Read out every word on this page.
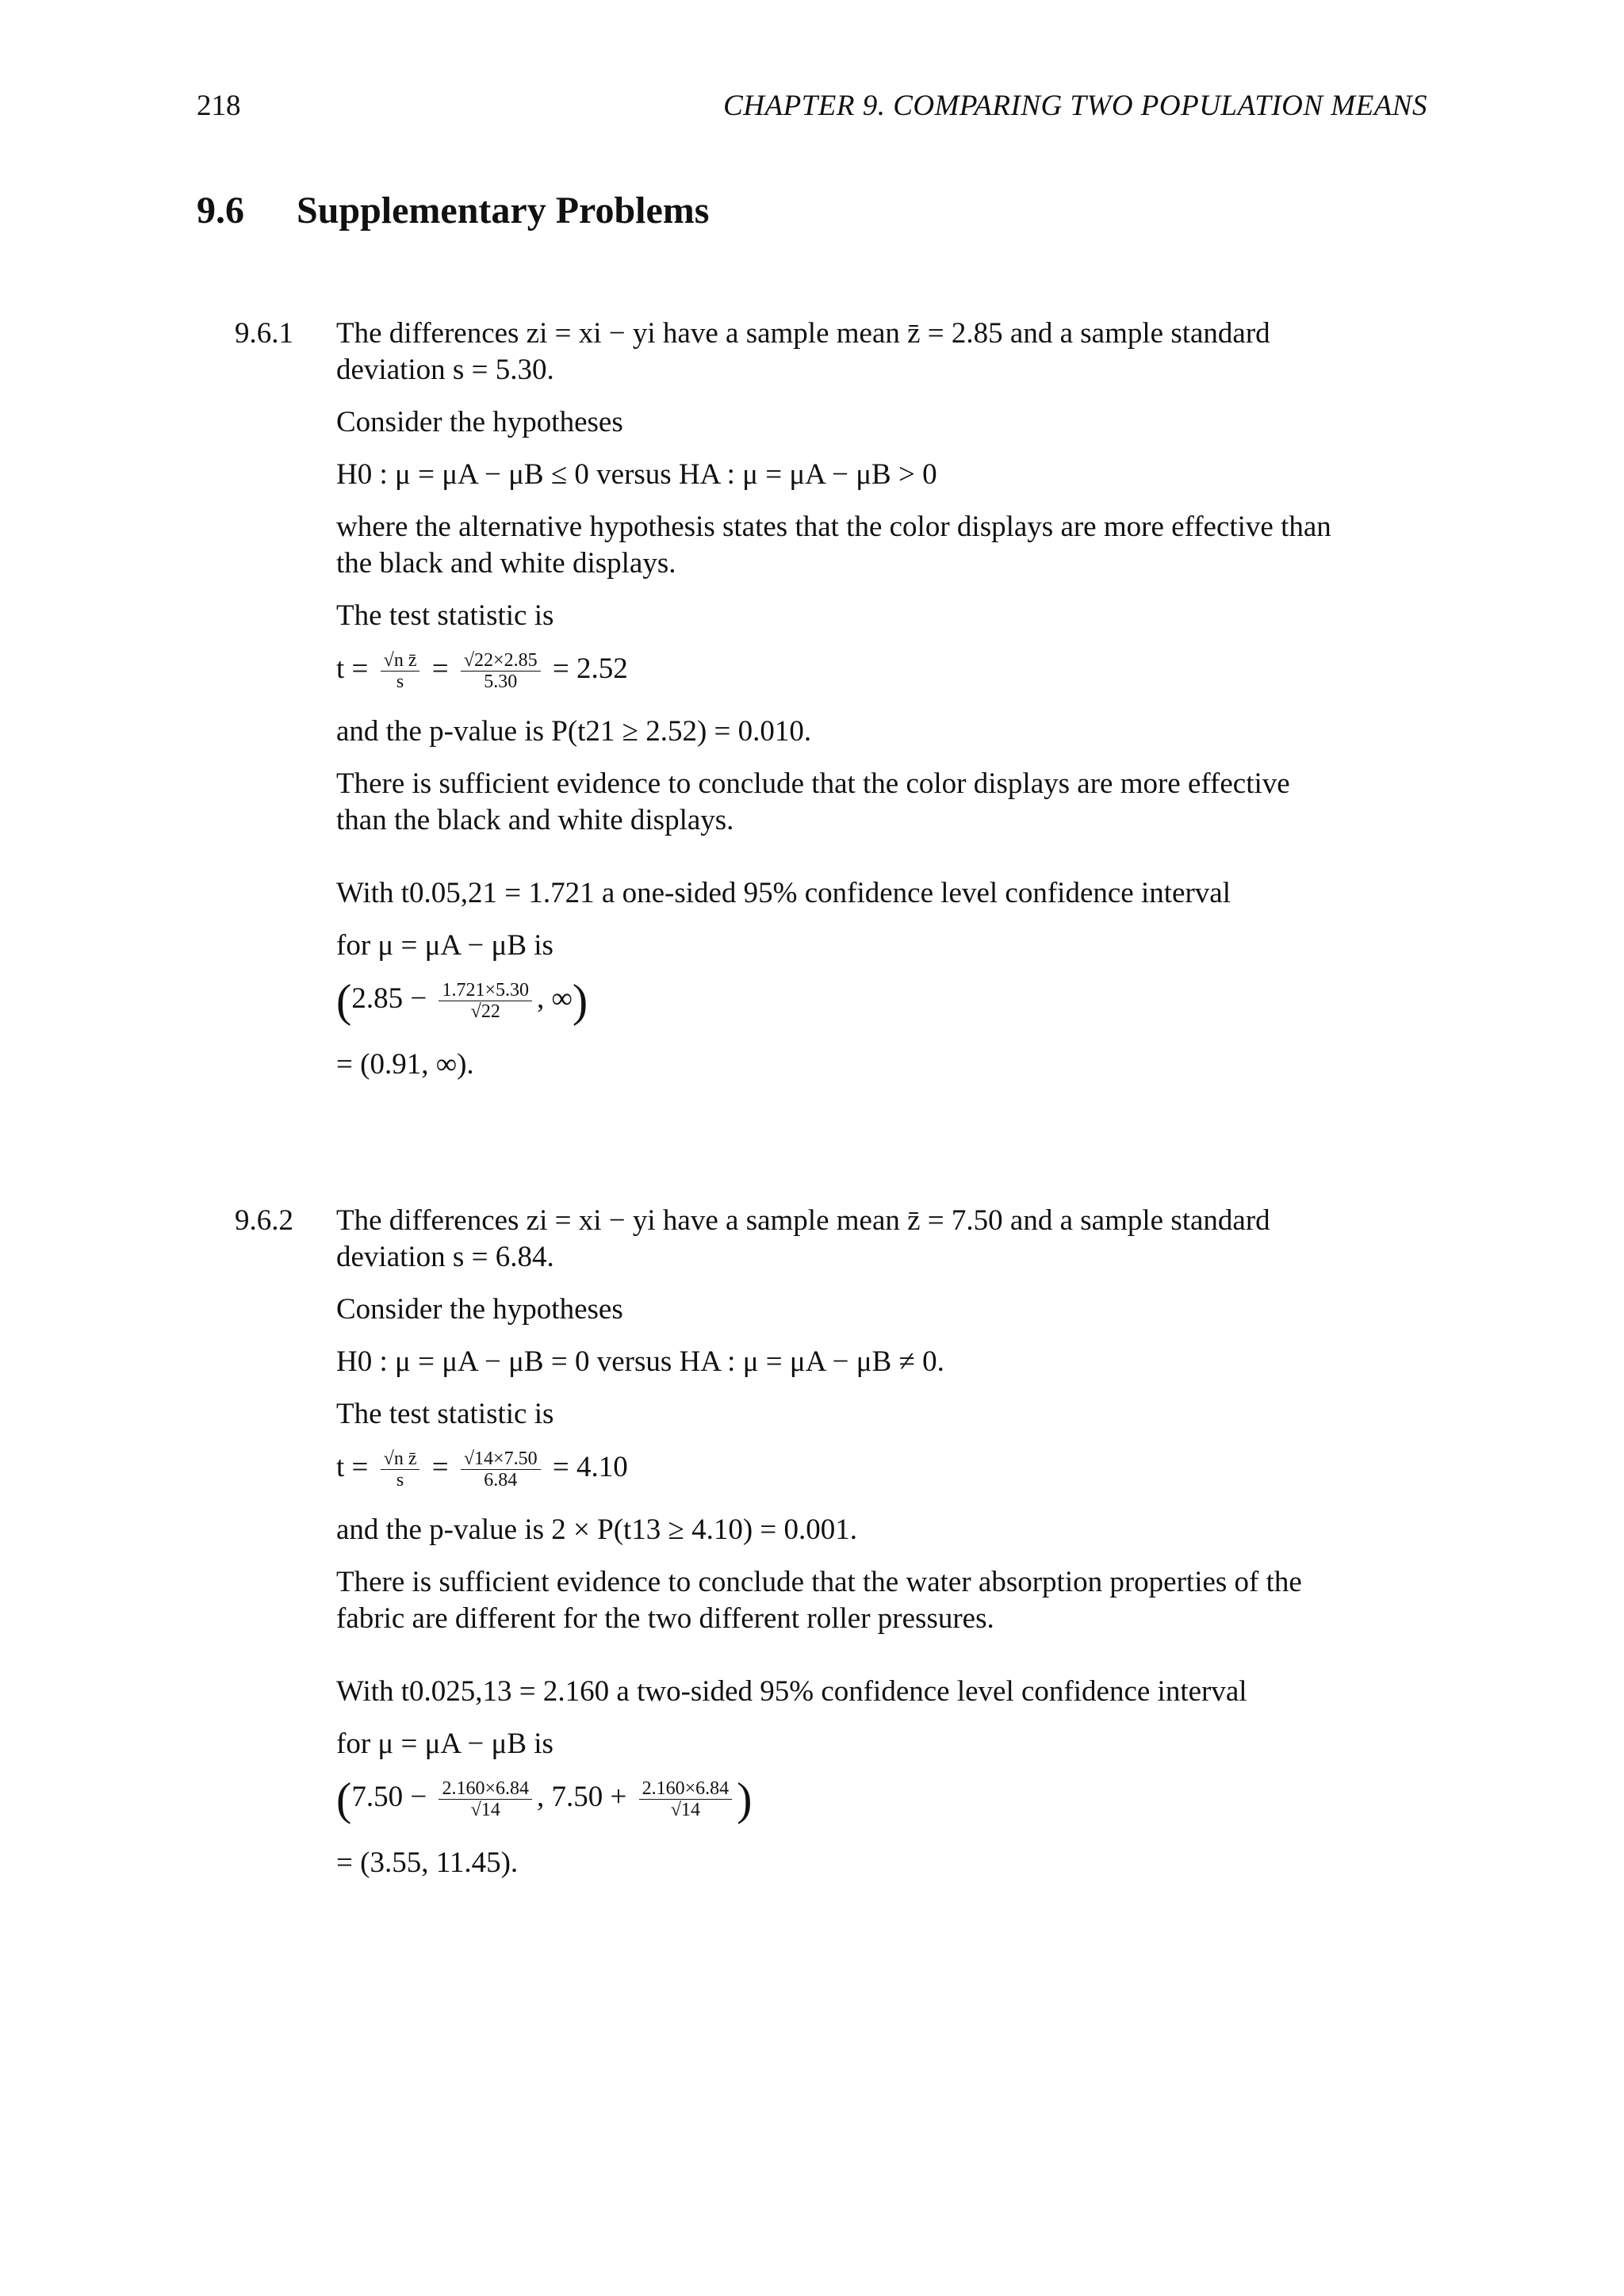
218	CHAPTER 9. COMPARING TWO POPULATION MEANS
9.6 Supplementary Problems
9.6.1	The differences zi = xi − yi have a sample mean z̄ = 2.85 and a sample standard
deviation s = 5.30.
Consider the hypotheses
H0 : μ = μA − μB ≤ 0 versus HA : μ = μA − μB > 0
where the alternative hypothesis states that the color displays are more effective than
the black and white displays.
The test statistic is
$t = \frac{\text{√n z̄}}{s} = \frac{√22\times 2.85}{5.30} = 2.52$
and the p-value is P(t21 ≥ 2.52) = 0.010.
There is sufficient evidence to conclude that the color displays are more effective
than the black and white displays.
With t0.05,21 = 1.721 a one-sided 95% confidence level confidence interval
for μ = μA − μB is
($2.85 - \frac{1.721\times 5.30}{√22}$ , ∞)
= (0.91, ∞).
9.6.2	The differences zi = xi − yi have a sample mean z̄ = 7.50 and a sample standard
deviation s = 6.84.
Consider the hypotheses
H0 : μ = μA − μB = 0 versus HA : μ = μA − μB ≠ 0.
The test statistic is
$t = \frac{\text{√n z̄}}{s} = \frac{√14\times 7.50}{6.84} = 4.10$
and the p-value is 2 × P(t13 ≥ 4.10) = 0.001.
There is sufficient evidence to conclude that the water absorption properties of the
fabric are different for the two different roller pressures.
With t0.025,13 = 2.160 a two-sided 95% confidence level confidence interval
for μ = μA − μB is
($7.50 - \frac{2.160\times 6.84}{√14}$ , $7.50 + \frac{2.160\times 6.84}{√14}$ )
= (3.55, 11.45).
